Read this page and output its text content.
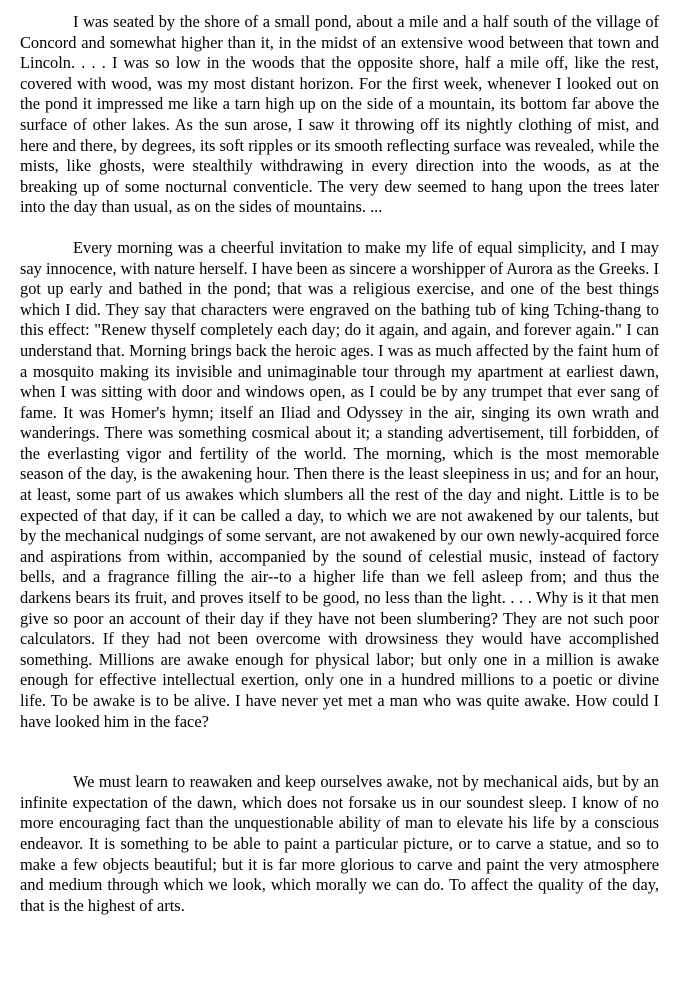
I was seated by the shore of a small pond, about a mile and a half south of the village of Concord and somewhat higher than it, in the midst of an extensive wood between that town and Lincoln. . . . I was so low in the woods that the opposite shore, half a mile off, like the rest, covered with wood, was my most distant horizon. For the first week, whenever I looked out on the pond it impressed me like a tarn high up on the side of a mountain, its bottom far above the surface of other lakes. As the sun arose, I saw it throwing off its nightly clothing of mist, and here and there, by degrees, its soft ripples or its smooth reflecting surface was revealed, while the mists, like ghosts, were stealthily withdrawing in every direction into the woods, as at the breaking up of some nocturnal conventicle. The very dew seemed to hang upon the trees later into the day than usual, as on the sides of mountains. ...

Every morning was a cheerful invitation to make my life of equal simplicity, and I may say innocence, with nature herself. I have been as sincere a worshipper of Aurora as the Greeks. I got up early and bathed in the pond; that was a religious exercise, and one of the best things which I did. They say that characters were engraved on the bathing tub of king Tching-thang to this effect: "Renew thyself completely each day; do it again, and again, and forever again." I can understand that. Morning brings back the heroic ages. I was as much affected by the faint hum of a mosquito making its invisible and unimaginable tour through my apartment at earliest dawn, when I was sitting with door and windows open, as I could be by any trumpet that ever sang of fame. It was Homer's hymn; itself an Iliad and Odyssey in the air, singing its own wrath and wanderings. There was something cosmical about it; a standing advertisement, till forbidden, of the everlasting vigor and fertility of the world. The morning, which is the most memorable season of the day, is the awakening hour. Then there is the least sleepiness in us; and for an hour, at least, some part of us awakes which slumbers all the rest of the day and night. Little is to be expected of that day, if it can be called a day, to which we are not awakened by our talents, but by the mechanical nudgings of some servant, are not awakened by our own newly-acquired force and aspirations from within, accompanied by the sound of celestial music, instead of factory bells, and a fragrance filling the air--to a higher life than we fell asleep from; and thus the darkens bears its fruit, and proves itself to be good, no less than the light. . . . Why is it that men give so poor an account of their day if they have not been slumbering? They are not such poor calculators. If they had not been overcome with drowsiness they would have accomplished something. Millions are awake enough for physical labor; but only one in a million is awake enough for effective intellectual exertion, only one in a hundred millions to a poetic or divine life. To be awake is to be alive. I have never yet met a man who was quite awake. How could I have looked him in the face?

We must learn to reawaken and keep ourselves awake, not by mechanical aids, but by an infinite expectation of the dawn, which does not forsake us in our soundest sleep. I know of no more encouraging fact than the unquestionable ability of man to elevate his life by a conscious endeavor. It is something to be able to paint a particular picture, or to carve a statue, and so to make a few objects beautiful; but it is far more glorious to carve and paint the very atmosphere and medium through which we look, which morally we can do. To affect the quality of the day, that is the highest of arts.
